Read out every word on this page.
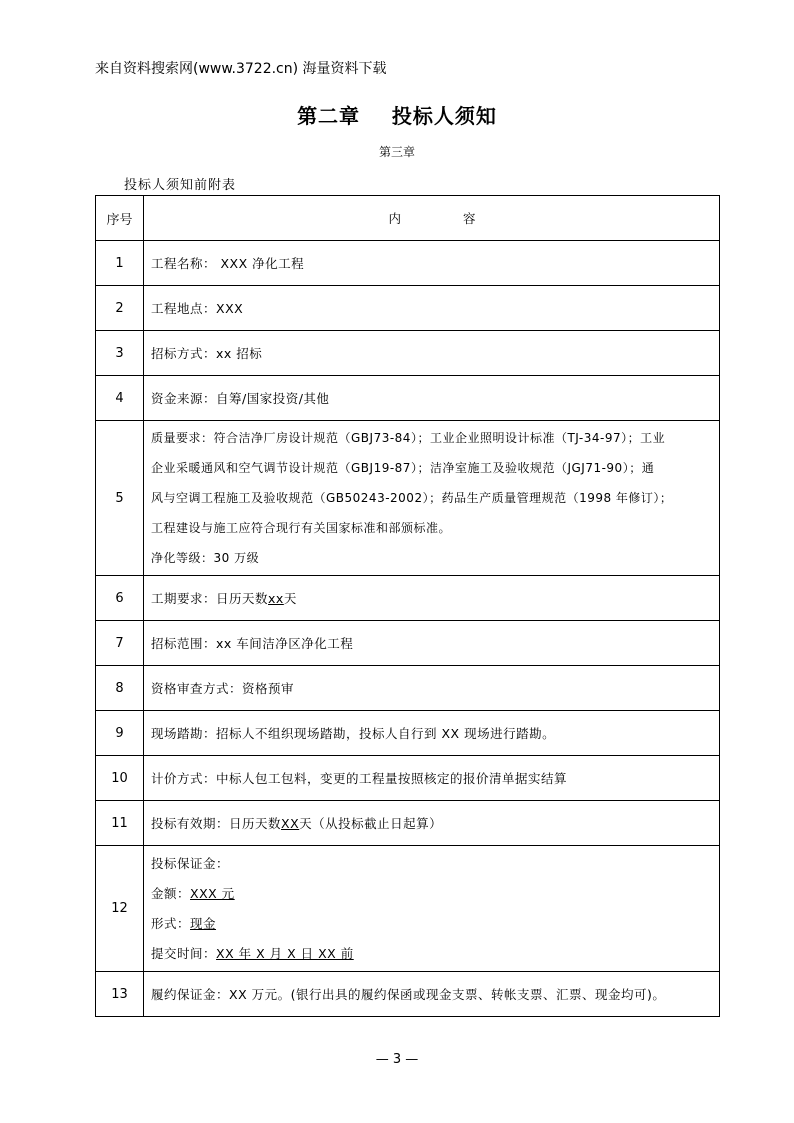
来自资料搜索网(www.3722.cn) 海量资料下载
第二章    投标人须知
第三章
投标人须知前附表
序号	内 容
1	工程名称： XXX 净化工程
2	工程地点：XXX
3	招标方式：xx 招标
4	资金来源：自筹/国家投资/其他
5	质量要求：符合洁净厂房设计规范（GBJ73-84）；工业企业照明设计标准（TJ-34-97）；工业
企业采暖通风和空气调节设计规范（GBJ19-87）；洁净室施工及验收规范（JGJ71-90）；通
风与空调工程施工及验收规范（GB50243-2002）；药品生产质量管理规范（1998 年修订）；
工程建设与施工应符合现行有关国家标准和部颁标准。
净化等级：30 万级

6	工期要求：日历天数xx天
7	招标范围：xx 车间洁净区净化工程
8	资格审查方式：资格预审
9	现场踏勘：招标人不组织现场踏勘，投标人自行到 XX 现场进行踏勘。
10	计价方式：中标人包工包料，变更的工程量按照核定的报价清单据实结算
11	投标有效期：日历天数XX天（从投标截止日起算）
12	投标保证金：
金额：XXX 元
形式：现金
提交时间：XX 年 X 月 X 日 XX 前

13	履约保证金：XX 万元。(银行出具的履约保函或现金支票、转帐支票、汇票、现金均可)。
— 3 —
